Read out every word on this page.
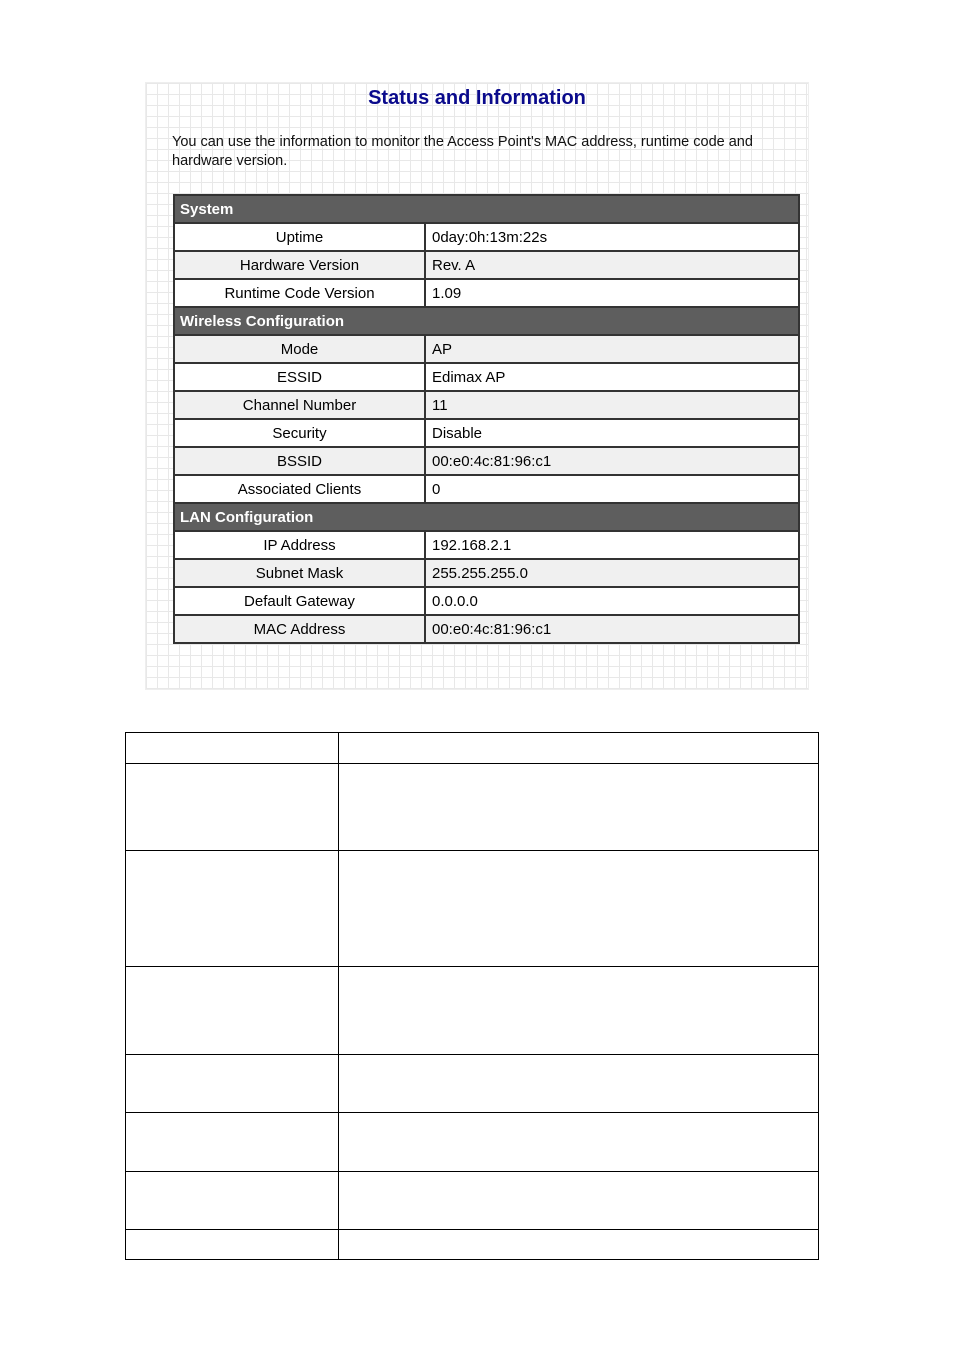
Status and Information
You can use the information to monitor the Access Point's MAC address, runtime code and hardware version.
System	
Uptime	0day:0h:13m:22s
Hardware Version	Rev. A
Runtime Code Version	1.09
Wireless Configuration	
Mode	AP
ESSID	Edimax AP
Channel Number	11
Security	Disable
BSSID	00:e0:4c:81:96:c1
Associated Clients	0
LAN Configuration	
IP Address	192.168.2.1
Subnet Mask	255.255.255.0
Default Gateway	0.0.0.0
MAC Address	00:e0:4c:81:96:c1
